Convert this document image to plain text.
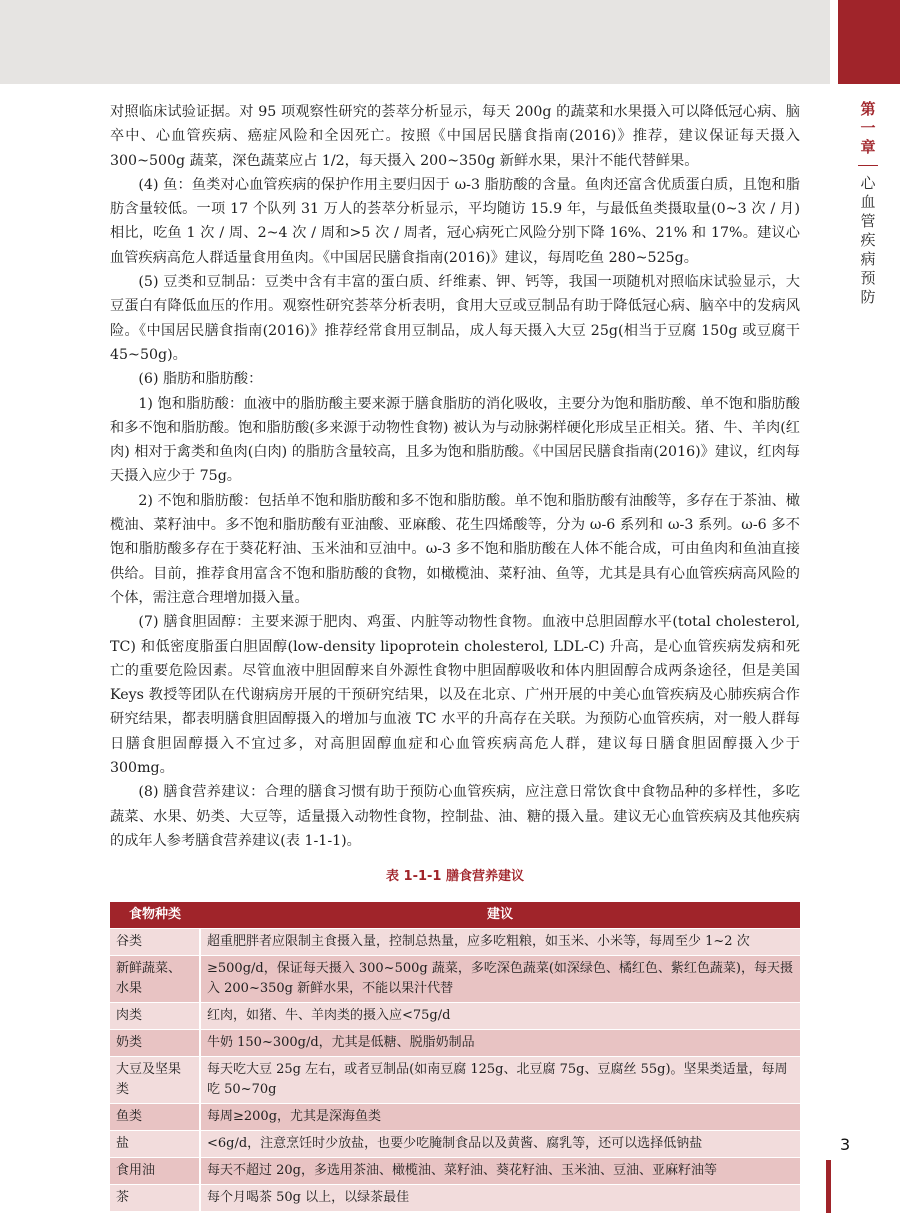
第
一
章
心
血
管
疾
病
预
防

对照临床试验证据。对 95 项观察性研究的荟萃分析显示，每天 200g 的蔬菜和水果摄入可以降低冠心病、脑卒中、心血管疾病、癌症风险和全因死亡。按照《中国居民膳食指南(2016)》推荐，建议保证每天摄入 300~500g 蔬菜，深色蔬菜应占 1/2，每天摄入 200~350g 新鲜水果，果汁不能代替鲜果。

(4) 鱼：鱼类对心血管疾病的保护作用主要归因于 ω-3 脂肪酸的含量。鱼肉还富含优质蛋白质，且饱和脂肪含量较低。一项 17 个队列 31 万人的荟萃分析显示，平均随访 15.9 年，与最低鱼类摄取量(0~3 次 / 月) 相比，吃鱼 1 次 / 周、2~4 次 / 周和>5 次 / 周者，冠心病死亡风险分别下降 16%、21% 和 17%。建议心血管疾病高危人群适量食用鱼肉。《中国居民膳食指南(2016)》建议，每周吃鱼 280~525g。

(5) 豆类和豆制品：豆类中含有丰富的蛋白质、纤维素、钾、钙等，我国一项随机对照临床试验显示，大豆蛋白有降低血压的作用。观察性研究荟萃分析表明，食用大豆或豆制品有助于降低冠心病、脑卒中的发病风险。《中国居民膳食指南(2016)》推荐经常食用豆制品，成人每天摄入大豆 25g(相当于豆腐 150g 或豆腐干 45~50g)。

(6) 脂肪和脂肪酸：

1) 饱和脂肪酸：血液中的脂肪酸主要来源于膳食脂肪的消化吸收，主要分为饱和脂肪酸、单不饱和脂肪酸和多不饱和脂肪酸。饱和脂肪酸(多来源于动物性食物) 被认为与动脉粥样硬化形成呈正相关。猪、牛、羊肉(红肉) 相对于禽类和鱼肉(白肉) 的脂肪含量较高，且多为饱和脂肪酸。《中国居民膳食指南(2016)》建议，红肉每天摄入应少于 75g。

2) 不饱和脂肪酸：包括单不饱和脂肪酸和多不饱和脂肪酸。单不饱和脂肪酸有油酸等，多存在于茶油、橄榄油、菜籽油中。多不饱和脂肪酸有亚油酸、亚麻酸、花生四烯酸等，分为 ω-6 系列和 ω-3 系列。ω-6 多不饱和脂肪酸多存在于葵花籽油、玉米油和豆油中。ω-3 多不饱和脂肪酸在人体不能合成，可由鱼肉和鱼油直接供给。目前，推荐食用富含不饱和脂肪酸的食物，如橄榄油、菜籽油、鱼等，尤其是具有心血管疾病高风险的个体，需注意合理增加摄入量。

(7) 膳食胆固醇：主要来源于肥肉、鸡蛋、内脏等动物性食物。血液中总胆固醇水平(total cholesterol, TC) 和低密度脂蛋白胆固醇(low-density lipoprotein cholesterol, LDL-C) 升高，是心血管疾病发病和死亡的重要危险因素。尽管血液中胆固醇来自外源性食物中胆固醇吸收和体内胆固醇合成两条途径，但是美国 Keys 教授等团队在代谢病房开展的干预研究结果，以及在北京、广州开展的中美心血管疾病及心肺疾病合作研究结果，都表明膳食胆固醇摄入的增加与血液 TC 水平的升高存在关联。为预防心血管疾病，对一般人群每日膳食胆固醇摄入不宜过多，对高胆固醇血症和心血管疾病高危人群，建议每日膳食胆固醇摄入少于 300mg。

(8) 膳食营养建议：合理的膳食习惯有助于预防心血管疾病，应注意日常饮食中食物品种的多样性，多吃蔬菜、水果、奶类、大豆等，适量摄入动物性食物，控制盐、油、糖的摄入量。建议无心血管疾病及其他疾病的成年人参考膳食营养建议(表 1-1-1)。

表 1-1-1 膳食营养建议
食物种类	建议
谷类	超重肥胖者应限制主食摄入量，控制总热量，应多吃粗粮，如玉米、小米等，每周至少 1~2 次
新鲜蔬菜、水果	≥500g/d，保证每天摄入 300~500g 蔬菜，多吃深色蔬菜(如深绿色、橘红色、紫红色蔬菜)，每天摄入 200~350g 新鲜水果，不能以果汁代替
肉类	红肉，如猪、牛、羊肉类的摄入应<75g/d
奶类	牛奶 150~300g/d，尤其是低糖、脱脂奶制品
大豆及坚果类	每天吃大豆 25g 左右，或者豆制品(如南豆腐 125g、北豆腐 75g、豆腐丝 55g)。坚果类适量，每周吃 50~70g
鱼类	每周≥200g，尤其是深海鱼类
盐	<6g/d，注意烹饪时少放盐，也要少吃腌制食品以及黄酱、腐乳等，还可以选择低钠盐
食用油	每天不超过 20g，多选用茶油、橄榄油、菜籽油、葵花籽油、玉米油、豆油、亚麻籽油等
茶	每个月喝茶 50g 以上，以绿茶最佳
3
